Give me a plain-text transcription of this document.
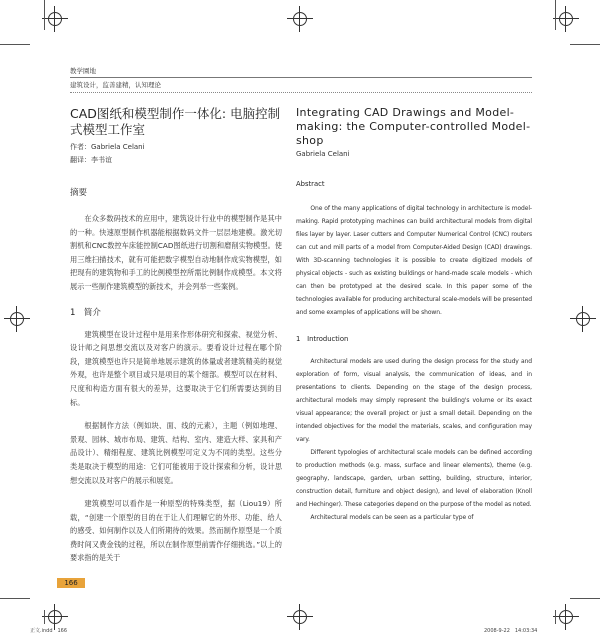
教学園地
建筑设计，监善建精，认知理论
CAD图纸和模型制作一体化: 电脑控制式模型工作室
作者：Gabriela Celani
翻译：李书谊
摘要

在众多数码技术的应用中，建筑设计行业中的模型制作是其中的一种。快速原型制作机器能根据数码文件一层层地建模。激光切割机和CNC数控车床能控制CAD图纸进行切割和磨削实物模型。使用三维扫描技术，就有可能把数字模型自动地制作成实物模型，如把现有的建筑物和手工的比例模型控所需比例制作成模型。本文将展示一些制作建筑模型的新技术，并会列举一些案例。

1　简介

建筑模型在设计过程中是用来作形体研究和探索、视觉分析、设计师之间思想交流以及对客户的演示。要看设计过程在哪个阶段，建筑模型也许只是简单地展示建筑的体量或者建筑精美的视觉外观，也许是整个项目或只是项目的某个细部。模型可以在材料、尺度和构造方面有很大的差异，这要取决于它们所需要达到的目标。

根据制作方法（例如块、面、线的元素），主题（例如地理、景观、园林、城市布局、建筑、结构、室内、建造大样、家具和产品设计）、精细程度、建筑比例模型可定义为不同的类型。这些分类是取决于模型的用途：它们可能被用于设计探索和分析，设计思想交流以及对客户的展示和展览。

建筑模型可以看作是一种原型的特殊类型，据（Liou19）所载，“创建一个原型的目的在于让人们理解它的外形、功能、给人的感受、如何制作以及人们所期待的效果。然而制作原型是一个质费时间又费金钱的过程，所以在制作原型前需作仔细挑选。”以上的要求指的是关于

Integrating CAD Drawings and Model-making: the Computer-controlled Model-shop
Gabriela Celani
Abstract

One of the many applications of digital technology in architecture is model-making. Rapid prototyping machines can build architectural models from digital files layer by layer. Laser cutters and Computer Numerical Control (CNC) routers can cut and mill parts of a model from Computer-Aided Design (CAD) drawings. With 3D-scanning technologies it is possible to create digitized models of physical objects - such as existing buildings or hand-made scale models - which can then be prototyped at the desired scale. In this paper some of the technologies available for producing architectural scale-models will be presented and some examples of applications will be shown.

1　Introduction

Architectural models are used during the design process for the study and exploration of form, visual analysis, the communication of ideas, and in presentations to clients. Depending on the stage of the design process, architectural models may simply represent the building's volume or its exact visual appearance; the overall project or just a small detail. Depending on the intended objectives for the model the materials, scales, and configuration may vary.

Different typologies of architectural scale models can be defined according to production methods (e.g. mass, surface and linear elements), theme (e.g. geography, landscape, garden, urban setting, building, structure, interior, construction detail, furniture and object design), and level of elaboration (Knoll and Hechinger). These categories depend on the purpose of the model as noted.

Architectural models can be seen as a particular type of

166
正文.indd　166	2008-9-22　14:03:34
